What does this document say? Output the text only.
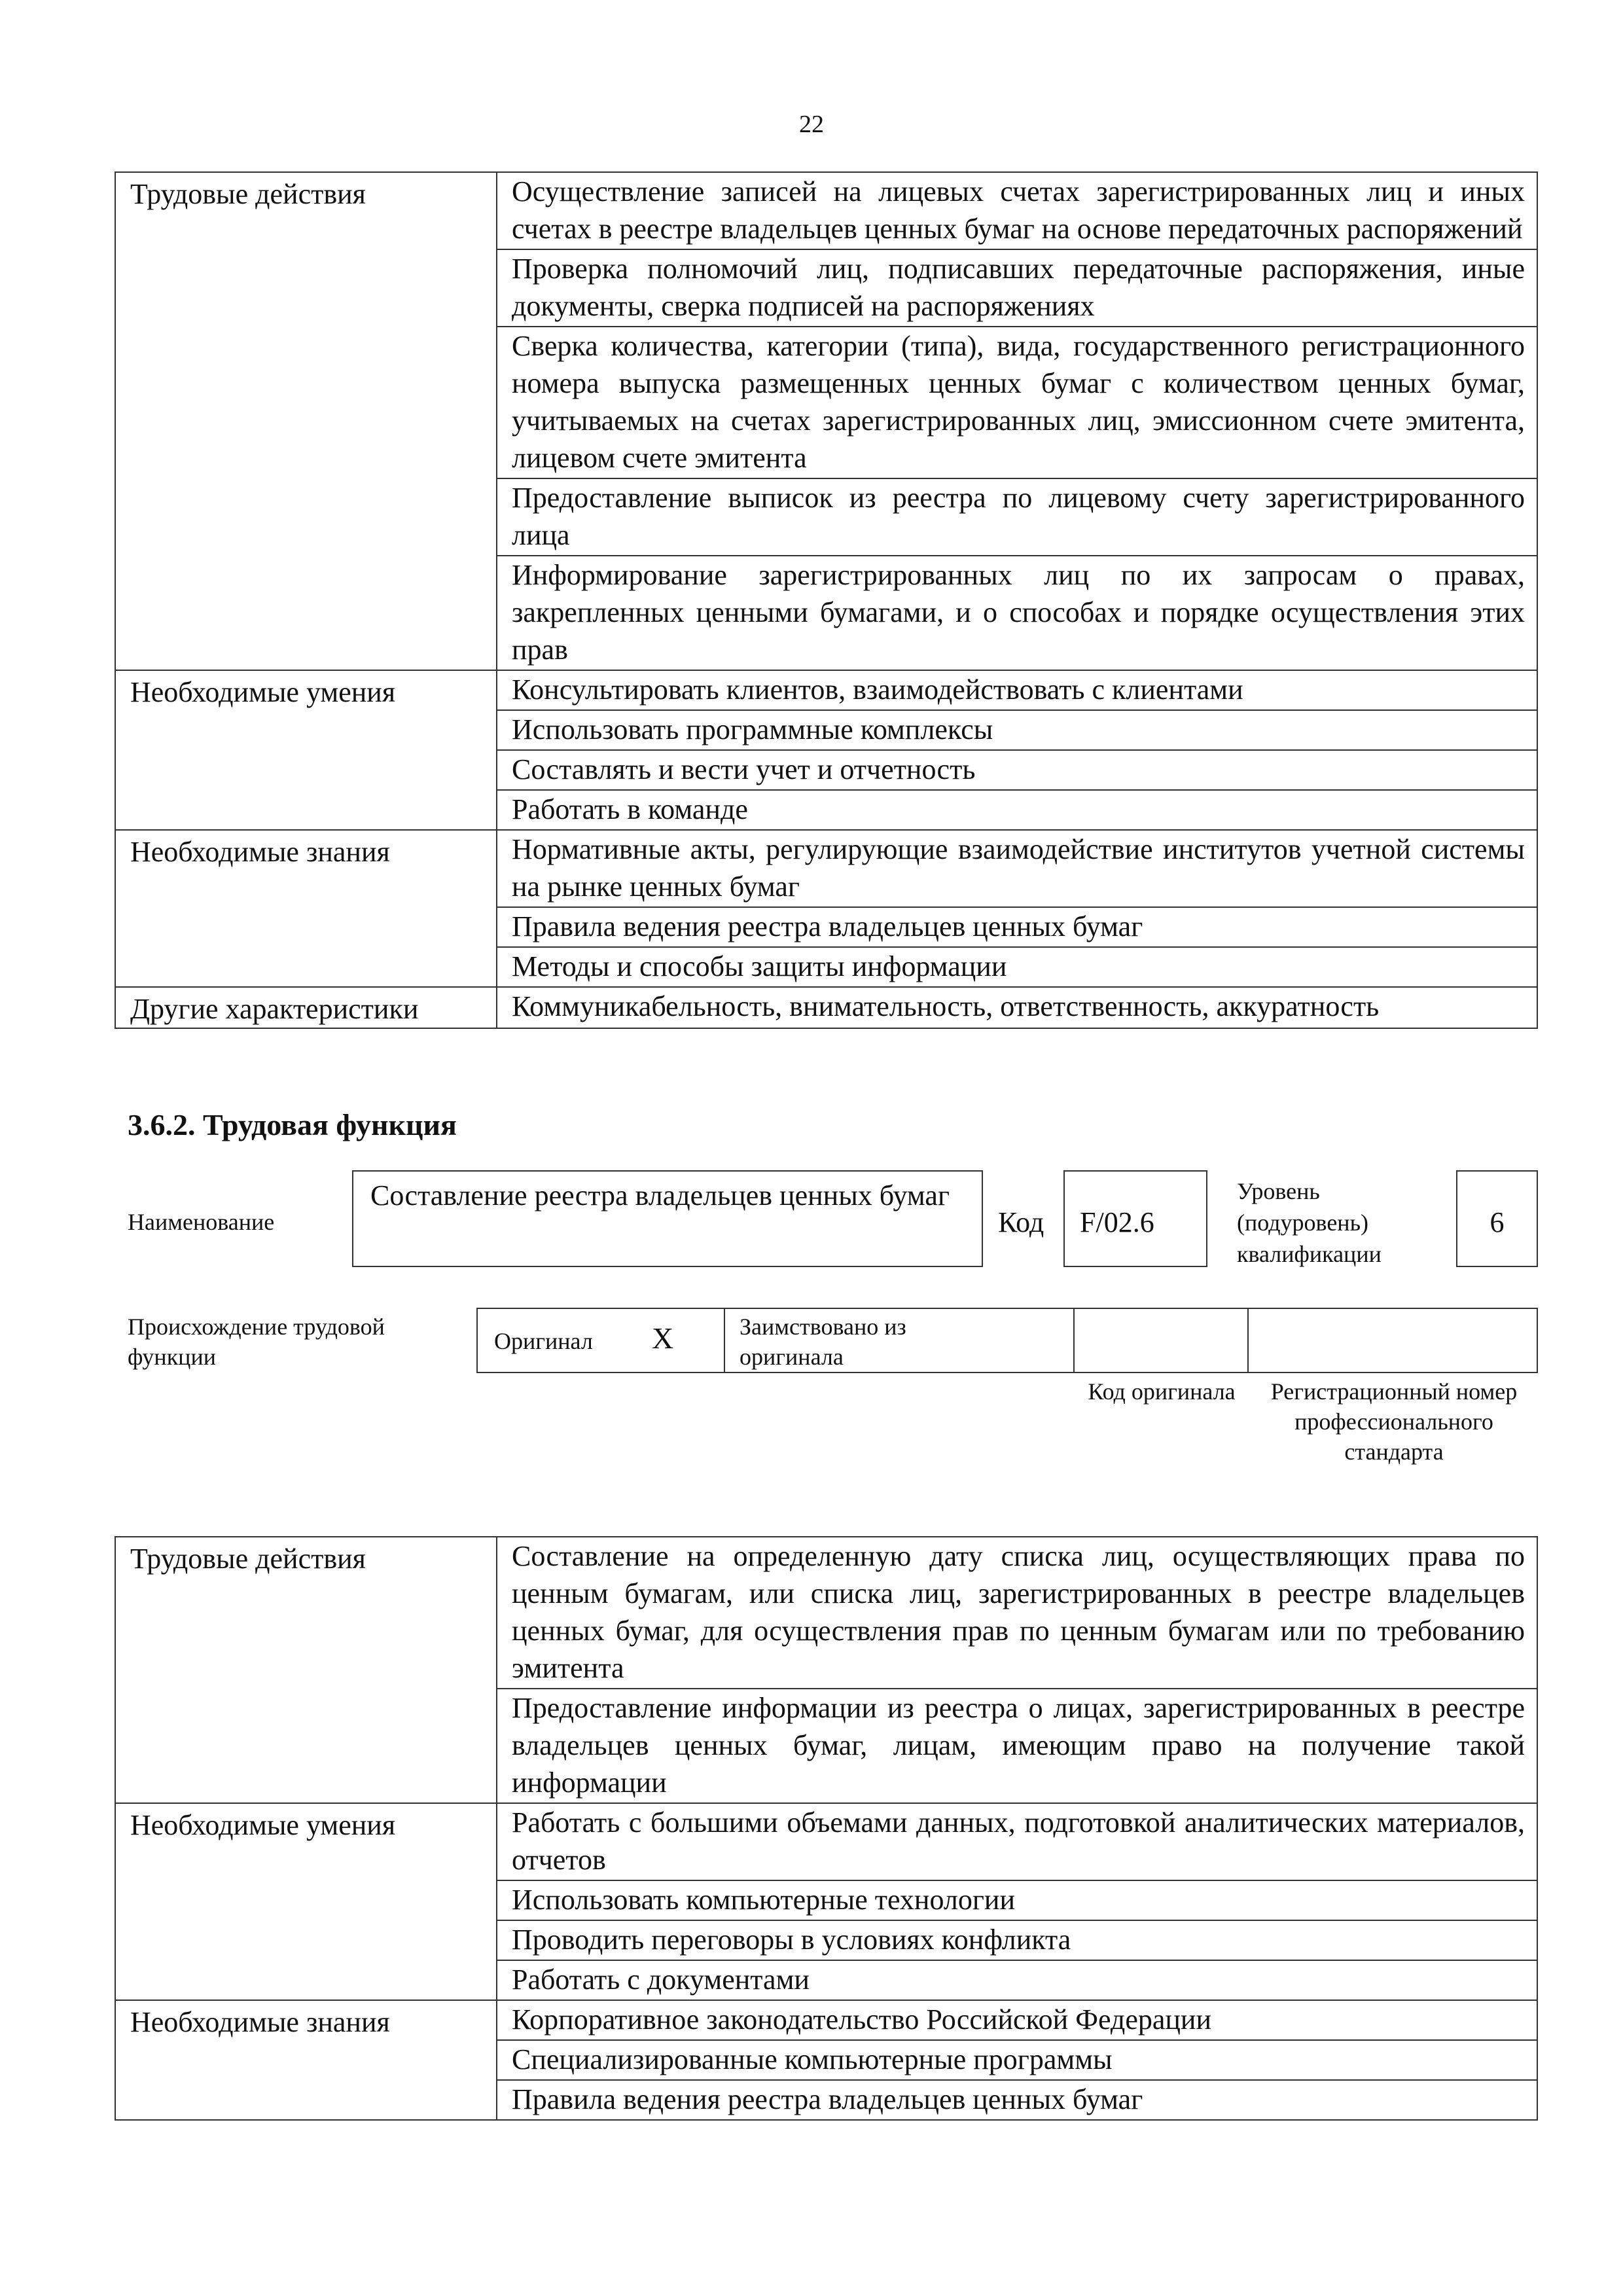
22
Трудовые действия	Осуществление записей на лицевых счетах зарегистрированных лиц и иных счетах в реестре владельцев ценных бумаг на основе передаточных распоряжений
	Проверка полномочий лиц, подписавших передаточные распоряжения, иные документы, сверка подписей на распоряжениях
	Сверка количества, категории (типа), вида, государственного регистрационного номера выпуска размещенных ценных бумаг с количеством ценных бумаг, учитываемых на счетах зарегистрированных лиц, эмиссионном счете эмитента, лицевом счете эмитента
	Предоставление выписок из реестра по лицевому счету зарегистрированного лица
	Информирование зарегистрированных лиц по их запросам о правах, закрепленных ценными бумагами, и о способах и порядке осуществления этих прав
Необходимые умения	Консультировать клиентов, взаимодействовать с клиентами
	Использовать программные комплексы
	Составлять и вести учет и отчетность
	Работать в команде
Необходимые знания	Нормативные акты, регулирующие взаимодействие институтов учетной системы на рынке ценных бумаг
	Правила ведения реестра владельцев ценных бумаг
	Методы и способы защиты информации
Другие характеристики	Коммуникабельность, внимательность, ответственность, аккуратность
3.6.2. Трудовая функция
Наименование
Составление реестра владельцев ценных бумаг
Код F/02.6
Уровень (подуровень) квалификации
6
Происхождение трудовой функции
Оригинал X	Заимствовано из оригинала
Код оригинала	Регистрационный номер профессионального стандарта
Трудовые действия	Составление на определенную дату списка лиц, осуществляющих права по ценным бумагам, или списка лиц, зарегистрированных в реестре владельцев ценных бумаг, для осуществления прав по ценным бумагам или по требованию эмитента
	Предоставление информации из реестра о лицах, зарегистрированных в реестре владельцев ценных бумаг, лицам, имеющим право на получение такой информации
Необходимые умения	Работать с большими объемами данных, подготовкой аналитических материалов, отчетов
	Использовать компьютерные технологии
	Проводить переговоры в условиях конфликта
	Работать с документами
Необходимые знания	Корпоративное законодательство Российской Федерации
	Специализированные компьютерные программы
	Правила ведения реестра владельцев ценных бумаг
